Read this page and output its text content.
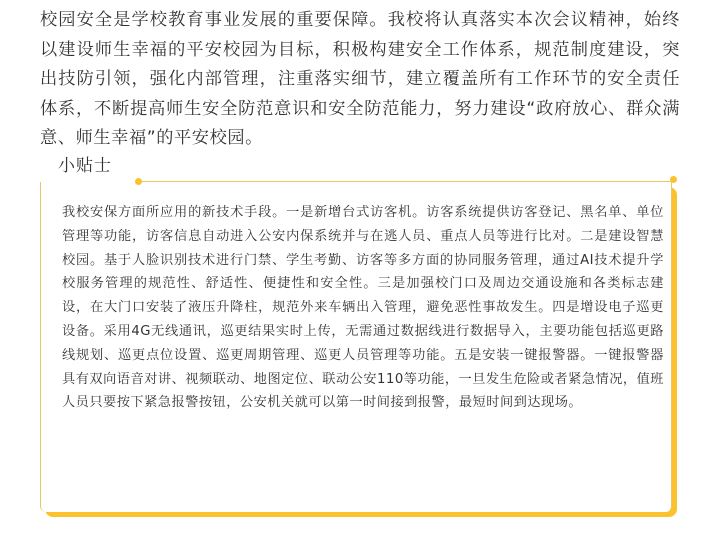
校园安全是学校教育事业发展的重要保障。我校将认真落实本次会议精神，始终以建设师生幸福的平安校园为目标，积极构建安全工作体系，规范制度建设，突出技防引领，强化内部管理，注重落实细节，建立覆盖所有工作环节的安全责任体系，不断提高师生安全防范意识和安全防范能力，努力建设“政府放心、群众满意、师生幸福”的平安校园。

小贴士

我校安保方面所应用的新技术手段。一是新增台式访客机。访客系统提供访客登记、黑名单、单位管理等功能，访客信息自动进入公安内保系统并与在逃人员、重点人员等进行比对。二是建设智慧校园。基于人脸识别技术进行门禁、学生考勤、访客等多方面的协同服务管理，通过AI技术提升学校服务管理的规范性、舒适性、便捷性和安全性。三是加强校门口及周边交通设施和各类标志建设，在大门口安装了液压升降柱，规范外来车辆出入管理，避免恶性事故发生。四是增设电子巡更设备。采用4G无线通讯，巡更结果实时上传，无需通过数据线进行数据导入，主要功能包括巡更路线规划、巡更点位设置、巡更周期管理、巡更人员管理等功能。五是安装一键报警器。一键报警器具有双向语音对讲、视频联动、地图定位、联动公安110等功能，一旦发生危险或者紧急情况，值班人员只要按下紧急报警按钮，公安机关就可以第一时间接到报警，最短时间到达现场。
